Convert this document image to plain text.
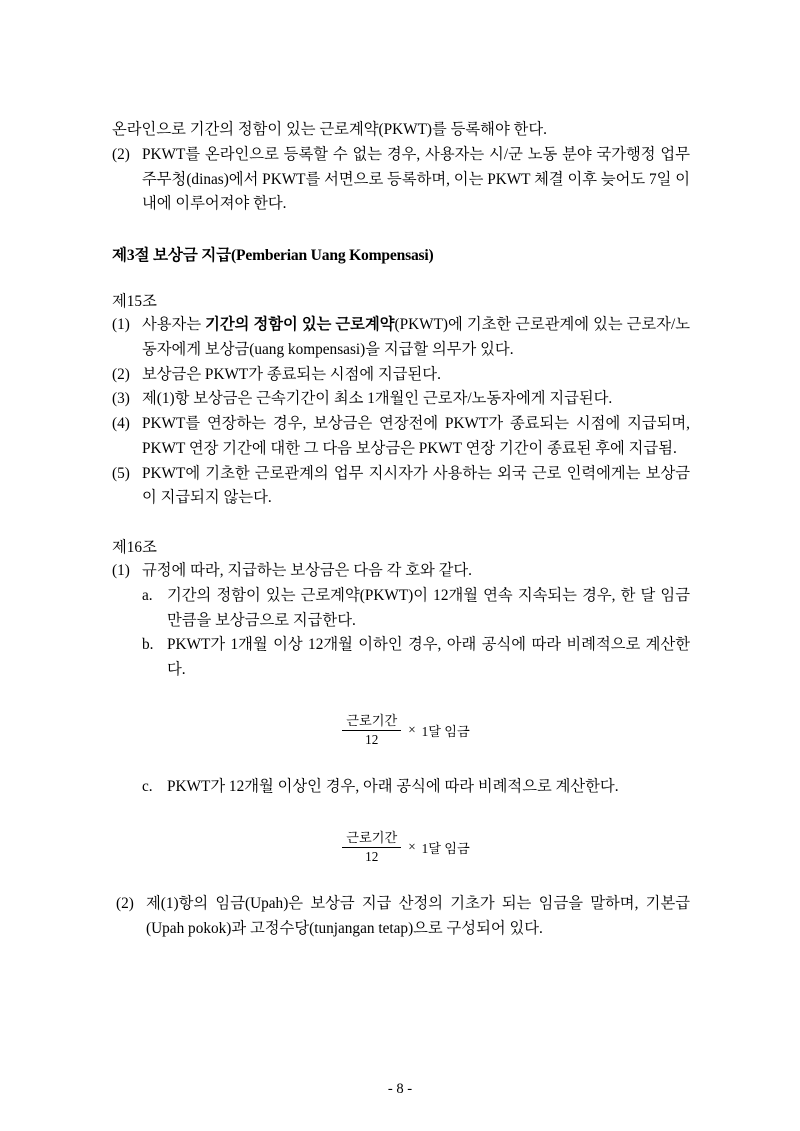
온라인으로 기간의 정함이 있는 근로계약(PKWT)를 등록해야 한다.

(2) PKWT를 온라인으로 등록할 수 없는 경우, 사용자는 시/군 노동 분야 국가행정 업무 주무청(dinas)에서 PKWT를 서면으로 등록하며, 이는 PKWT 체결 이후 늦어도 7일 이내에 이루어져야 한다.
제3절 보상금 지급(Pemberian Uang Kompensasi)

제15조

(1) 사용자는 기간의 정함이 있는 근로계약(PKWT)에 기초한 근로관계에 있는 근로자/노동자에게 보상금(uang kompensasi)을 지급할 의무가 있다.
(2) 보상금은 PKWT가 종료되는 시점에 지급된다.
(3) 제(1)항 보상금은 근속기간이 최소 1개월인 근로자/노동자에게 지급된다.
(4) PKWT를 연장하는 경우, 보상금은 연장전에 PKWT가 종료되는 시점에 지급되며, PKWT 연장 기간에 대한 그 다음 보상금은 PKWT 연장 기간이 종료된 후에 지급됨.
(5) PKWT에 기초한 근로관계의 업무 지시자가 사용하는 외국 근로 인력에게는 보상금이 지급되지 않는다.

제16조

(1) 규정에 따라, 지급하는 보상금은 다음 각 호와 같다.
a. 기간의 정함이 있는 근로계약(PKWT)이 12개월 연속 지속되는 경우, 한 달 임금만큼을 보상금으로 지급한다.
b. PKWT가 1개월 이상 12개월 이하인 경우, 아래 공식에 따라 비례적으로 계산한다.
$\frac{\text{근로기간}}{12} \times 1$달 임금
c. PKWT가 12개월 이상인 경우, 아래 공식에 따라 비례적으로 계산한다.
$\frac{\text{근로기간}}{12} \times 1$달 임금
(2) 제(1)항의 임금(Upah)은 보상금 지급 산정의 기초가 되는 임금을 말하며, 기본급(Upah pokok)과 고정수당(tunjangan tetap)으로 구성되어 있다.
- 8 -
